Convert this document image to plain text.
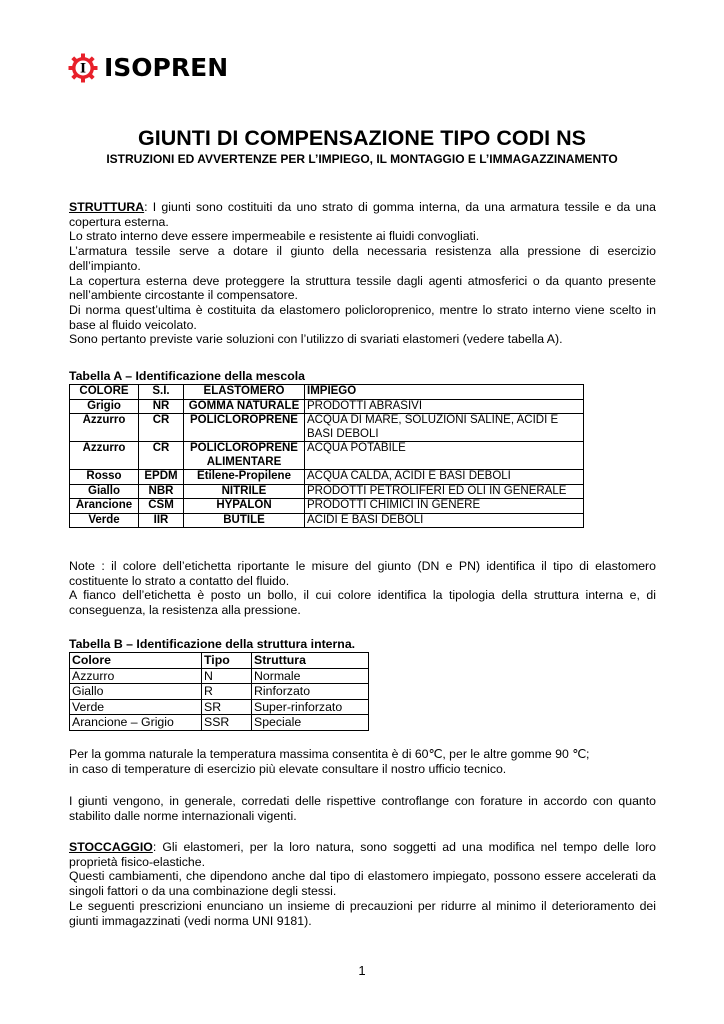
I ISOPREN
GIUNTI DI COMPENSAZIONE TIPO CODI NS
ISTRUZIONI ED AVVERTENZE PER L’IMPIEGO, IL MONTAGGIO E L’IMMAGAZZINAMENTO

STRUTTURA: I giunti sono costituiti da uno strato di gomma interna, da una armatura tessile e da una copertura esterna.

Lo strato interno deve essere impermeabile e resistente ai fluidi convogliati.

L’armatura tessile serve a dotare il giunto della necessaria resistenza alla pressione di esercizio dell’impianto.

La copertura esterna deve proteggere la struttura tessile dagli agenti atmosferici o da quanto presente nell’ambiente circostante il compensatore.

Di norma quest’ultima è costituita da elastomero policloroprenico, mentre lo strato interno viene scelto in base al fluido veicolato.

Sono pertanto previste varie soluzioni con l’utilizzo di svariati elastomeri (vedere tabella A).

Tabella A – Identificazione della mescola
COLORE	S.I.	ELASTOMERO	IMPIEGO
Grigio	NR	GOMMA NATURALE	PRODOTTI ABRASIVI
Azzurro	CR	POLICLOROPRENE	ACQUA DI MARE, SOLUZIONI SALINE, ACIDI E BASI DEBOLI
Azzurro	CR	POLICLOROPRENE ALIMENTARE	ACQUA POTABILE
Rosso	EPDM	Etilene-Propilene	ACQUA CALDA, ACIDI E BASI DEBOLI
Giallo	NBR	NITRILE	PRODOTTI PETROLIFERI ED OLI IN GENERALE
Arancione	CSM	HYPALON	PRODOTTI CHIMICI IN GENERE
Verde	IIR	BUTILE	ACIDI E BASI DEBOLI

Note : il colore dell’etichetta riportante le misure del giunto (DN e PN) identifica il tipo di elastomero costituente lo strato a contatto del fluido.

A fianco dell’etichetta è posto un bollo, il cui colore identifica la tipologia della struttura interna e, di conseguenza, la resistenza alla pressione.

Tabella B – Identificazione della struttura interna.
Colore	Tipo	Struttura
Azzurro	N	Normale
Giallo	R	Rinforzato
Verde	SR	Super-rinforzato
Arancione – Grigio	SSR	Speciale

Per la gomma naturale la temperatura massima consentita è di 60℃, per le altre gomme 90 ℃;

in caso di temperature di esercizio più elevate consultare il nostro ufficio tecnico.

I giunti vengono, in generale, corredati delle rispettive controflange con forature in accordo con quanto stabilito dalle norme internazionali vigenti.

STOCCAGGIO: Gli elastomeri, per la loro natura, sono soggetti ad una modifica nel tempo delle loro proprietà fisico-elastiche.

Questi cambiamenti, che dipendono anche dal tipo di elastomero impiegato, possono essere accelerati da singoli fattori o da una combinazione degli stessi.

Le seguenti prescrizioni enunciano un insieme di precauzioni per ridurre al minimo il deterioramento dei giunti immagazzinati (vedi norma UNI 9181).

1
